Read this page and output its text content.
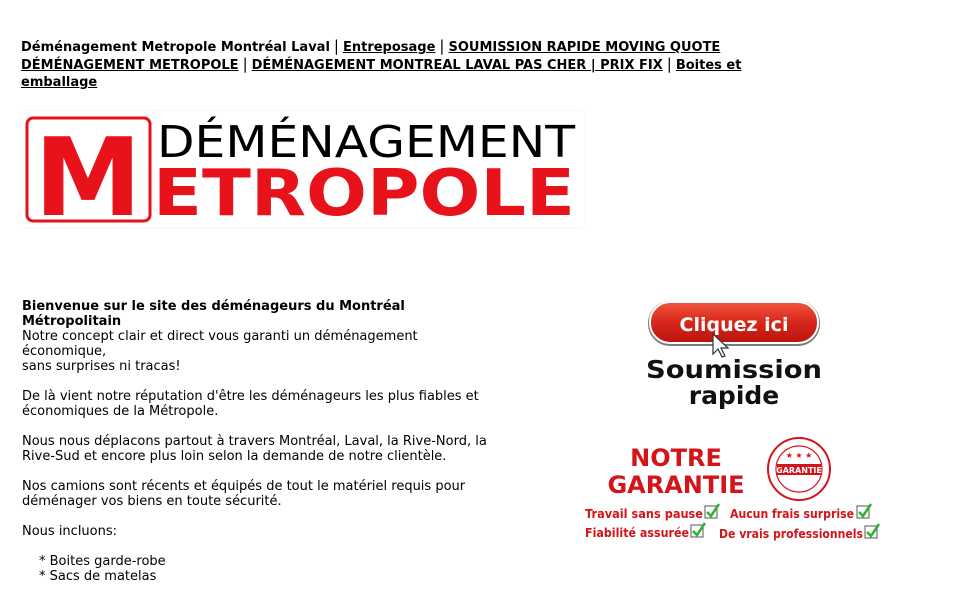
Déménagement Metropole Montréal Laval | Entreposage | SOUMISSION RAPIDE MOVING QUOTE DÉMÉNAGEMENT METROPOLE | DÉMÉNAGEMENT MONTREAL LAVAL PAS CHER | PRIX FIX | Boites et emballage
M DÉMÉNAGEMENT
ETROPOLE
Bienvenue sur le site des déménageurs du Montréal Métropolitain
Notre concept clair et direct vous garanti un déménagement économique,

sans surprises ni tracas!

De là vient notre réputation d'être les déménageurs les plus fiables et économiques de la Métropole.

Nous nous déplacons partout à travers Montréal, Laval, la Rive-Nord, la

Rive-Sud et encore plus loin selon la demande de notre clientèle.

Nos camions sont récents et équipés de tout le matériel requis pour déménager vos biens en toute sécurité.

Nous incluons:

* Boites garde-robe
* Sacs de matelas
Cliquez ici
Soumission
rapide
NOTRE
GARANTIE
GARANTIE
★ ★ ★
Travail sans pause Aucun frais surprise
Fiabilité assurée	De vrais professionnels
